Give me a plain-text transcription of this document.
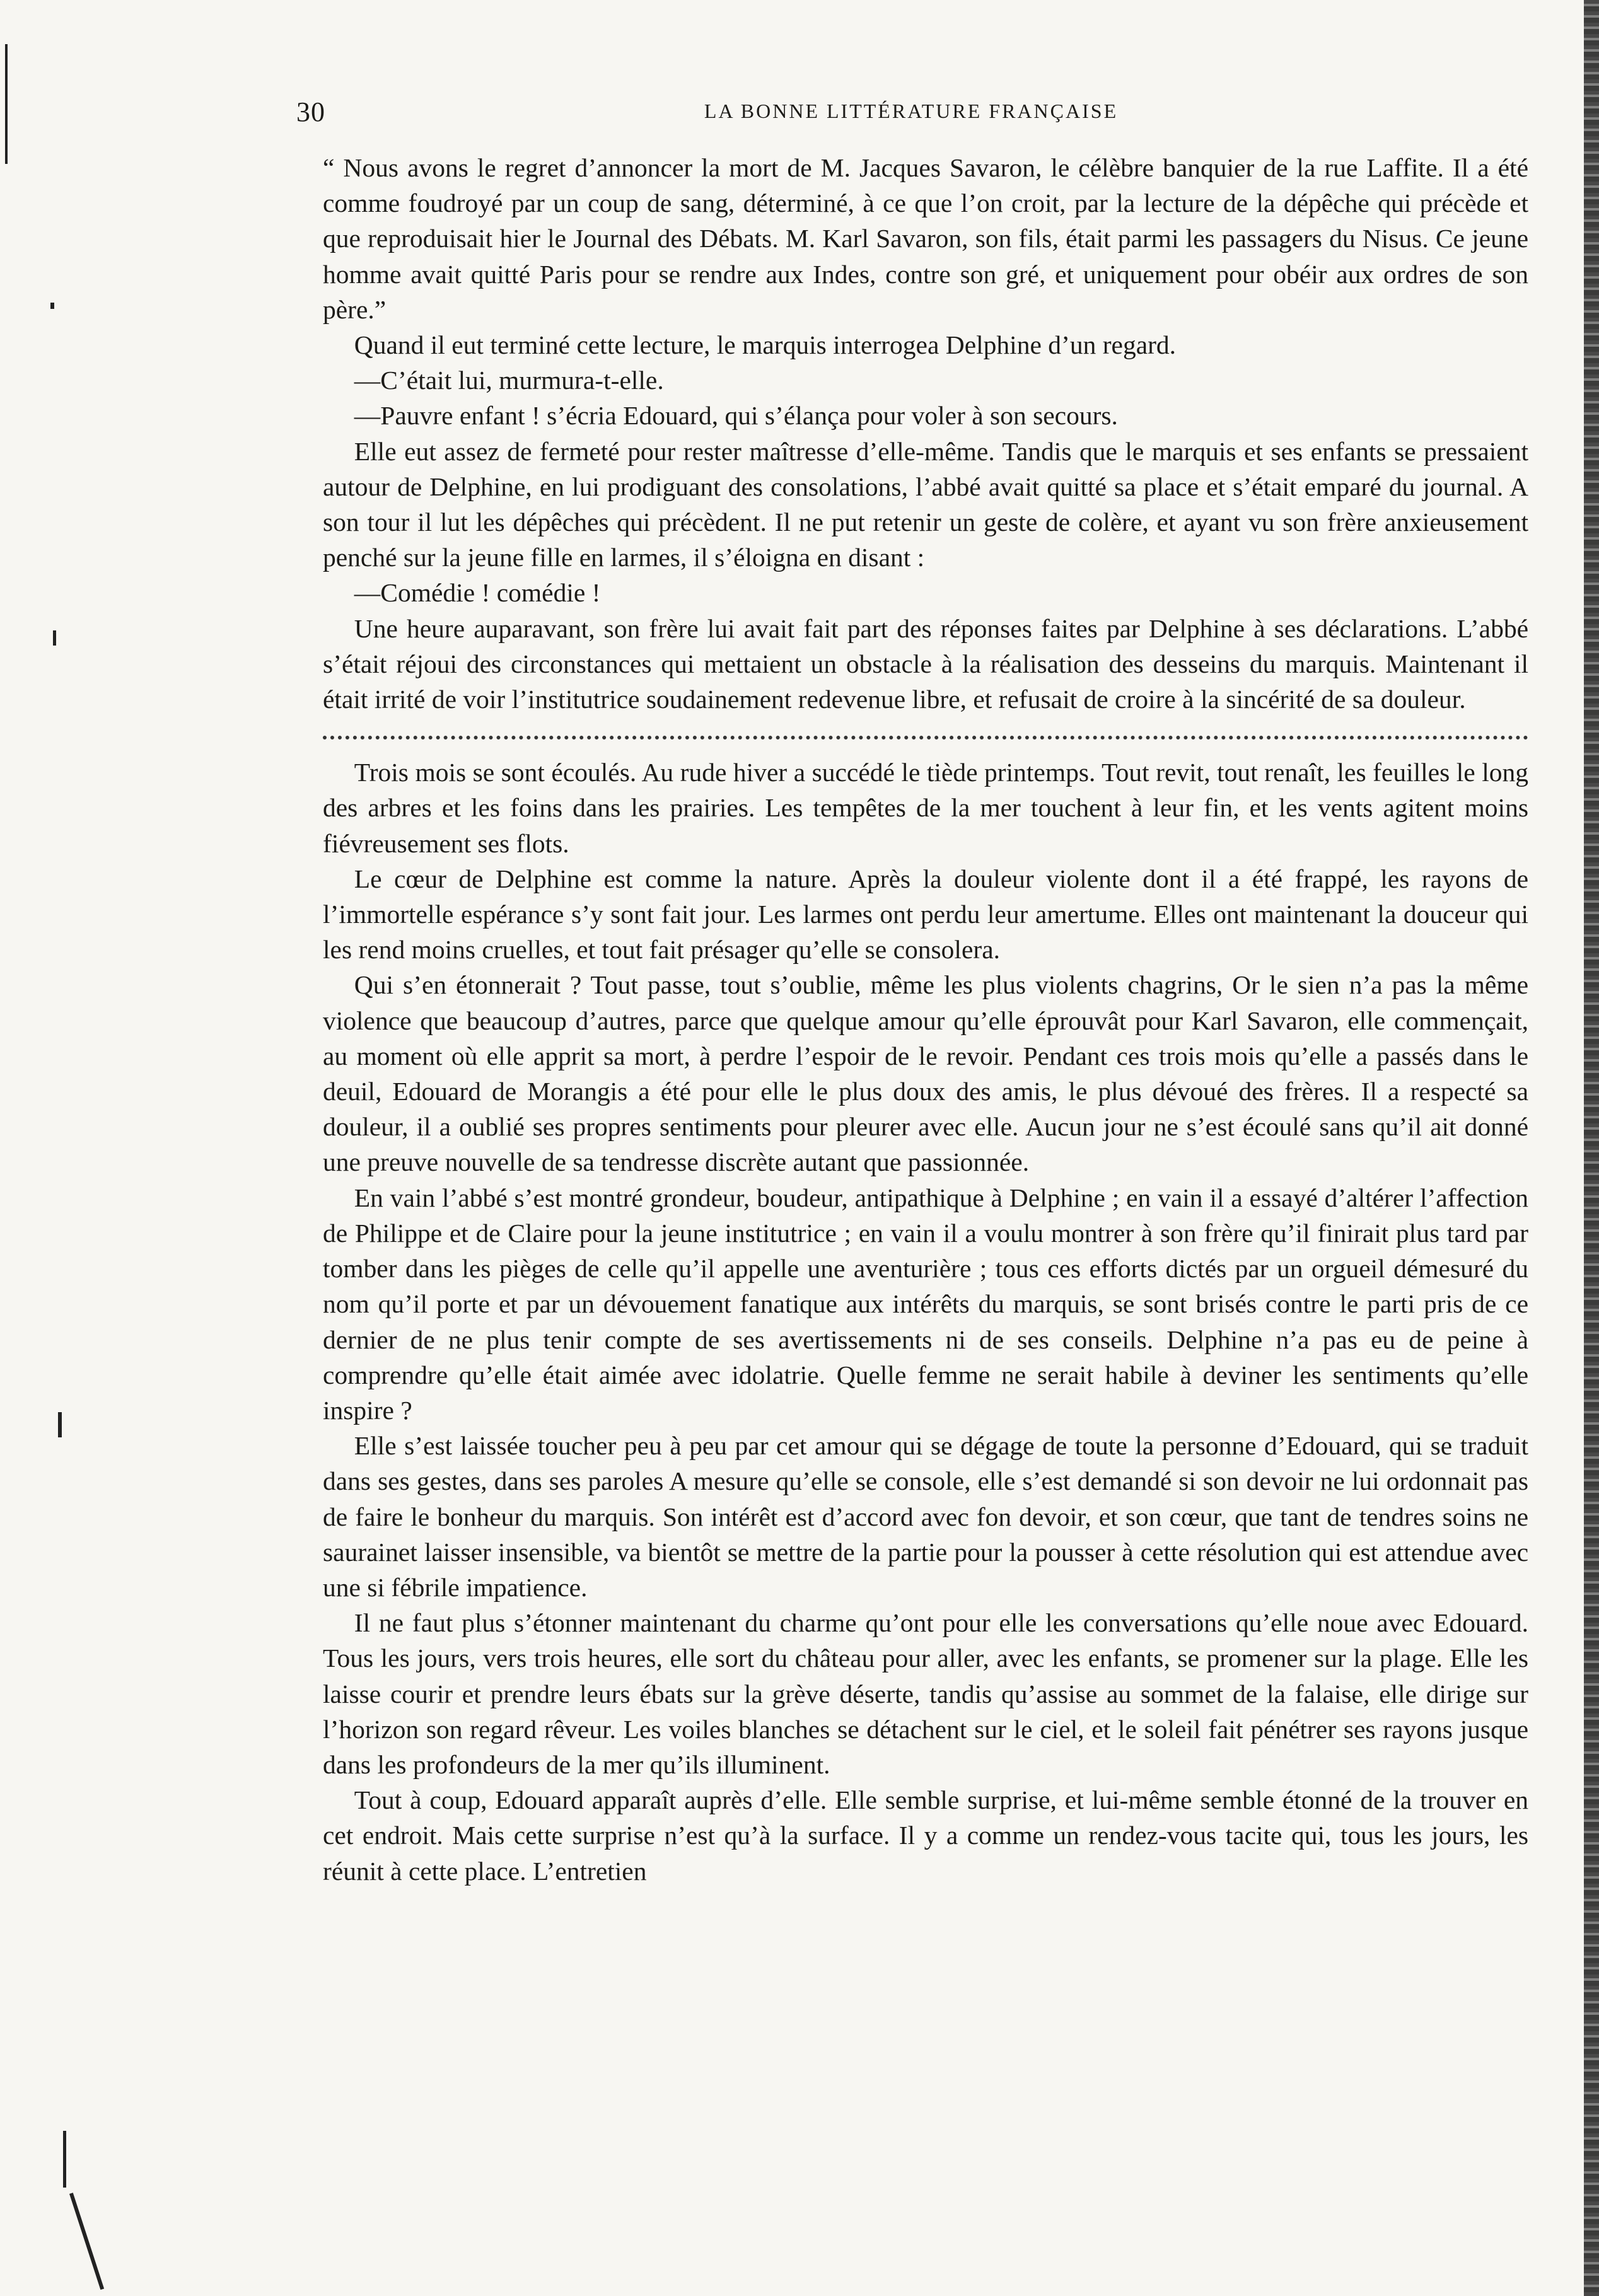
30	LA BONNE LITTÉRATURE FRANÇAISE

“ Nous avons le regret d’annoncer la mort de M. Jacques Savaron, le célèbre banquier de la rue Laffite. Il a été comme foudroyé par un coup de sang, déterminé, à ce que l’on croit, par la lecture de la dépêche qui précède et que reproduisait hier le Journal des Débats. M. Karl Savaron, son fils, était parmi les passagers du Nisus. Ce jeune homme avait quitté Paris pour se rendre aux Indes, contre son gré, et uniquement pour obéir aux ordres de son père.”

Quand il eut terminé cette lecture, le marquis interrogea Delphine d’un regard.

—C’était lui, murmura-t-elle.

—Pauvre enfant ! s’écria Edouard, qui s’élança pour voler à son secours.

Elle eut assez de fermeté pour rester maîtresse d’elle-même. Tandis que le marquis et ses enfants se pressaient autour de Delphine, en lui prodiguant des consolations, l’abbé avait quitté sa place et s’était emparé du journal. A son tour il lut les dépêches qui précèdent. Il ne put retenir un geste de colère, et ayant vu son frère anxieusement penché sur la jeune fille en larmes, il s’éloigna en disant :

—Comédie ! comédie !

Une heure auparavant, son frère lui avait fait part des réponses faites par Delphine à ses déclarations. L’abbé s’était réjoui des circonstances qui mettaient un obstacle à la réalisation des desseins du marquis. Maintenant il était irrité de voir l’institutrice soudainement redevenue libre, et refusait de croire à la sincérité de sa douleur.

Trois mois se sont écoulés. Au rude hiver a succédé le tiède printemps. Tout revit, tout renaît, les feuilles le long des arbres et les foins dans les prairies. Les tempêtes de la mer touchent à leur fin, et les vents agitent moins fiévreusement ses flots.

Le cœur de Delphine est comme la nature. Après la douleur violente dont il a été frappé, les rayons de l’immortelle espérance s’y sont fait jour. Les larmes ont perdu leur amertume. Elles ont maintenant la douceur qui les rend moins cruelles, et tout fait présager qu’elle se consolera.

Qui s’en étonnerait ? Tout passe, tout s’oublie, même les plus violents chagrins, Or le sien n’a pas la même violence que beaucoup d’autres, parce que quelque amour qu’elle éprouvât pour Karl Savaron, elle commençait, au moment où elle apprit sa mort, à perdre l’espoir de le revoir. Pendant ces trois mois qu’elle a passés dans le deuil, Edouard de Morangis a été pour elle le plus doux des amis, le plus dévoué des frères. Il a respecté sa douleur, il a oublié ses propres sentiments pour pleurer avec elle. Aucun jour ne s’est écoulé sans qu’il ait donné une preuve nouvelle de sa tendresse discrète autant que passionnée.

En vain l’abbé s’est montré grondeur, boudeur, antipathique à Delphine ; en vain il a essayé d’altérer l’affection de Philippe et de Claire pour la jeune institutrice ; en vain il a voulu montrer à son frère qu’il finirait plus tard par tomber dans les pièges de celle qu’il appelle une aventurière ; tous ces efforts dictés par un orgueil démesuré du nom qu’il porte et par un dévouement fanatique aux intérêts du marquis, se sont brisés contre le parti pris de ce dernier de ne plus tenir compte de ses avertissements ni de ses conseils. Delphine n’a pas eu de peine à comprendre qu’elle était aimée avec idolatrie. Quelle femme ne serait habile à deviner les sentiments qu’elle inspire ?

Elle s’est laissée toucher peu à peu par cet amour qui se dégage de toute la personne d’Edouard, qui se traduit dans ses gestes, dans ses paroles A mesure qu’elle se console, elle s’est demandé si son devoir ne lui ordonnait pas de faire le bonheur du marquis. Son intérêt est d’accord avec fon devoir, et son cœur, que tant de tendres soins ne saurainet laisser insensible, va bientôt se mettre de la partie pour la pousser à cette résolution qui est attendue avec une si fébrile impatience.

Il ne faut plus s’étonner maintenant du charme qu’ont pour elle les conversations qu’elle noue avec Edouard. Tous les jours, vers trois heures, elle sort du château pour aller, avec les enfants, se promener sur la plage. Elle les laisse courir et prendre leurs ébats sur la grève déserte, tandis qu’assise au sommet de la falaise, elle dirige sur l’horizon son regard rêveur. Les voiles blanches se détachent sur le ciel, et le soleil fait pénétrer ses rayons jusque dans les profondeurs de la mer qu’ils illuminent.

Tout à coup, Edouard apparaît auprès d’elle. Elle semble surprise, et lui-même semble étonné de la trouver en cet endroit. Mais cette surprise n’est qu’à la surface. Il y a comme un rendez-vous tacite qui, tous les jours, les réunit à cette place. L’entretien
